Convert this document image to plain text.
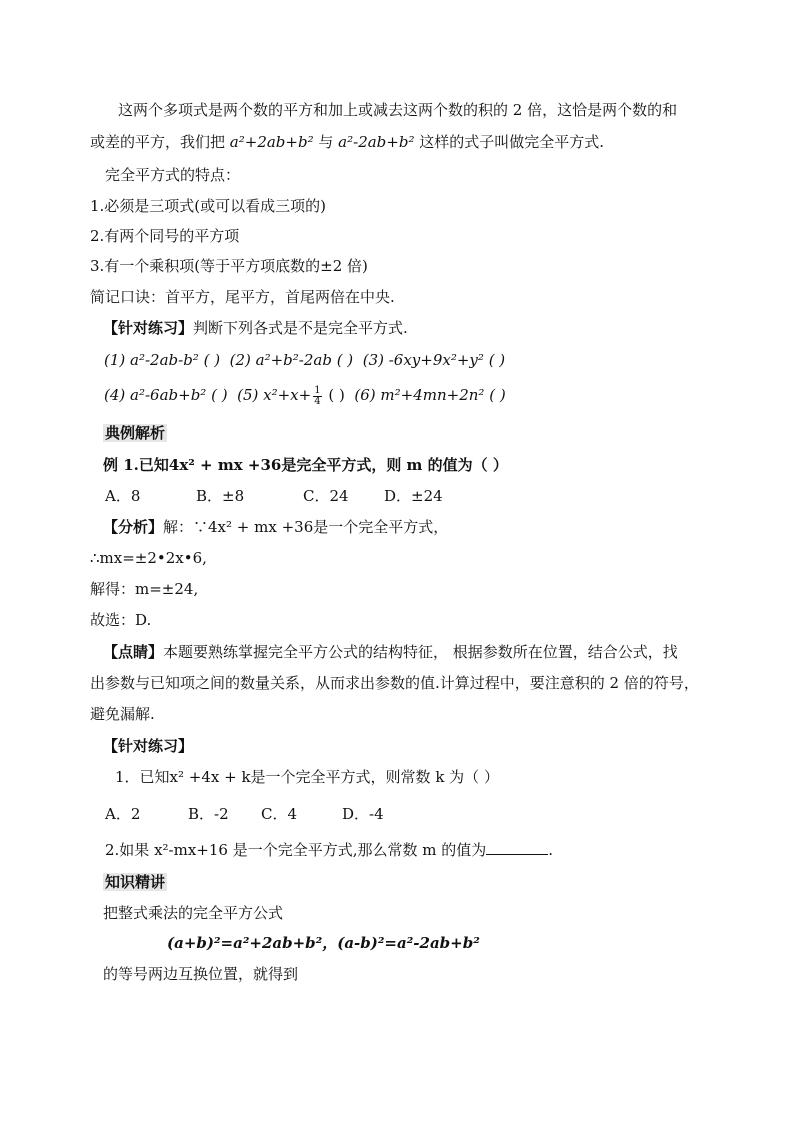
这两个多项式是两个数的平方和加上或减去这两个数的积的 2 倍，这恰是两个数的和
或差的平方，我们把 a²+2ab+b² 与 a²-2ab+b² 这样的式子叫做完全平方式.
完全平方式的特点：
1.必须是三项式(或可以看成三项的)
2.有两个同号的平方项
3.有一个乘积项(等于平方项底数的±2 倍)
简记口诀：首平方，尾平方，首尾两倍在中央.
【针对练习】判断下列各式是不是完全平方式.
(1) a²-2ab-b² ( ) (2) a²+b²-2ab ( ) (3) -6xy+9x²+y² ( )
(4) a²-6ab+b² ( ) (5) $x^2+x+ \frac{1}{4}$ ( ) (6) m²+4mn+2n² ( )
典例解析
例 1.已知4x² + mx +36是完全平方式，则 m 的值为（ ）
A．8	B．±8	C．24 D．±24
【分析】解：∵4x² + mx +36是一个完全平方式，
∴mx=±2•2x•6,
解得：m=±24,
故选：D.
【点睛】本题要熟练掌握完全平方公式的结构特征， 根据参数所在位置，结合公式，找
出参数与已知项之间的数量关系，从而求出参数的值.计算过程中，要注意积的 2 倍的符号，
避免漏解.
【针对练习】
1．已知x² +4x + k是一个完全平方式，则常数 k 为（ ）
A．2	B．-2 C．4	D．-4
2.如果 x²-mx+16 是一个完全平方式,那么常数 m 的值为	.
知识精讲
把整式乘法的完全平方公式
(a+b)²=a²+2ab+b²，(a-b)²=a²-2ab+b²
的等号两边互换位置，就得到
